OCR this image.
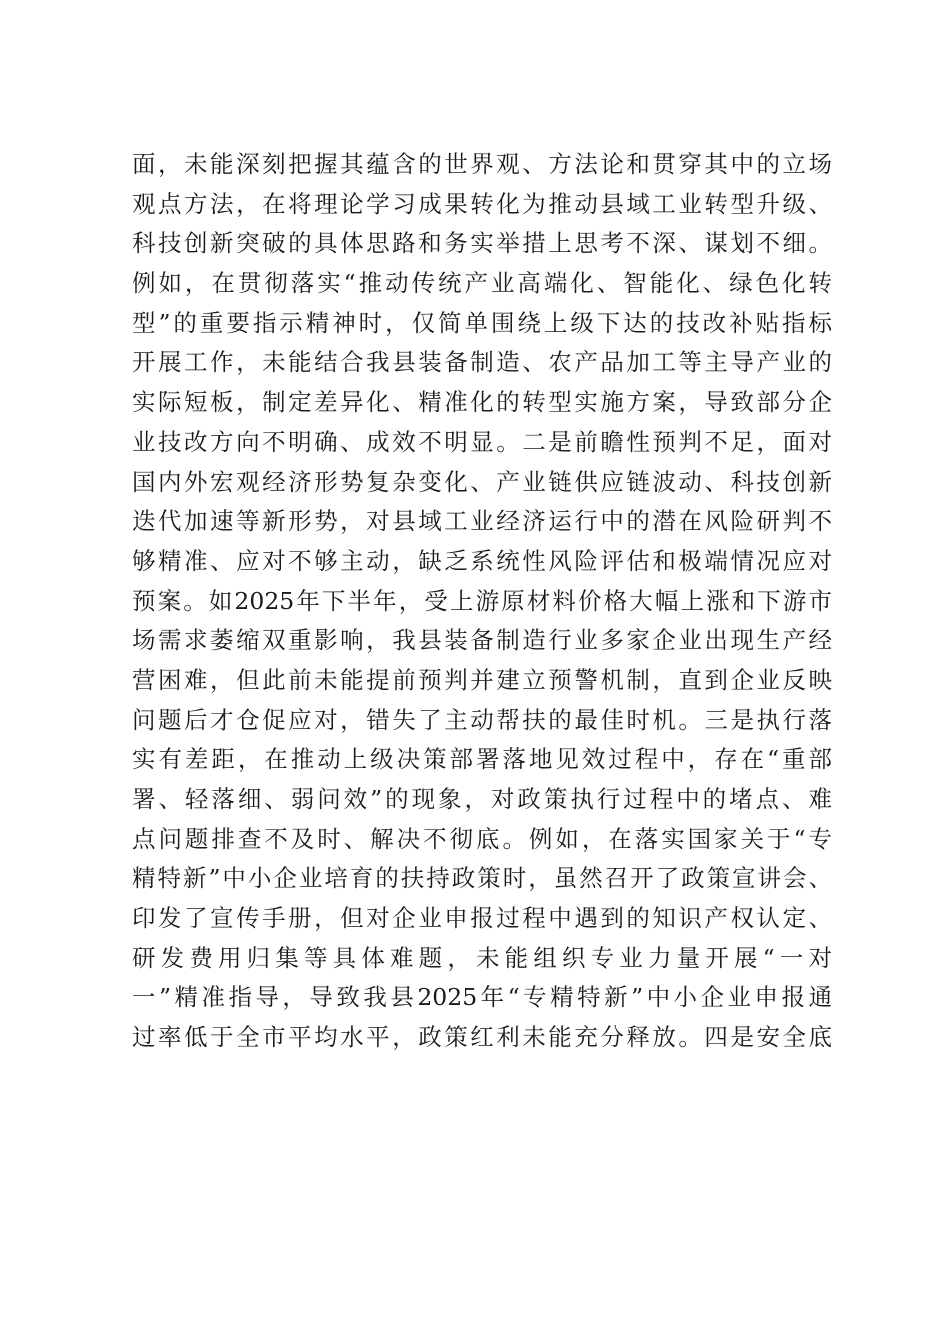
面，未能深刻把握其蕴含的世界观、方法论和贯穿其中的立场
观点方法，在将理论学习成果转化为推动县域工业转型升级、
科技创新突破的具体思路和务实举措上思考不深、谋划不细。
例如，在贯彻落实“推动传统产业高端化、智能化、绿色化转
型”的重要指示精神时，仅简单围绕上级下达的技改补贴指标
开展工作，未能结合我县装备制造、农产品加工等主导产业的
实际短板，制定差异化、精准化的转型实施方案，导致部分企
业技改方向不明确、成效不明显。二是前瞻性预判不足，面对
国内外宏观经济形势复杂变化、产业链供应链波动、科技创新
迭代加速等新形势，对县域工业经济运行中的潜在风险研判不
够精准、应对不够主动，缺乏系统性风险评估和极端情况应对
预案。如2025年下半年，受上游原材料价格大幅上涨和下游市
场需求萎缩双重影响，我县装备制造行业多家企业出现生产经
营困难，但此前未能提前预判并建立预警机制，直到企业反映
问题后才仓促应对，错失了主动帮扶的最佳时机。三是执行落
实有差距，在推动上级决策部署落地见效过程中，存在“重部
署、轻落细、弱问效”的现象，对政策执行过程中的堵点、难
点问题排查不及时、解决不彻底。例如，在落实国家关于“专
精特新”中小企业培育的扶持政策时，虽然召开了政策宣讲会、
印发了宣传手册，但对企业申报过程中遇到的知识产权认定、
研发费用归集等具体难题，未能组织专业力量开展“一对
一”精准指导，导致我县2025年“专精特新”中小企业申报通
过率低于全市平均水平，政策红利未能充分释放。四是安全底
